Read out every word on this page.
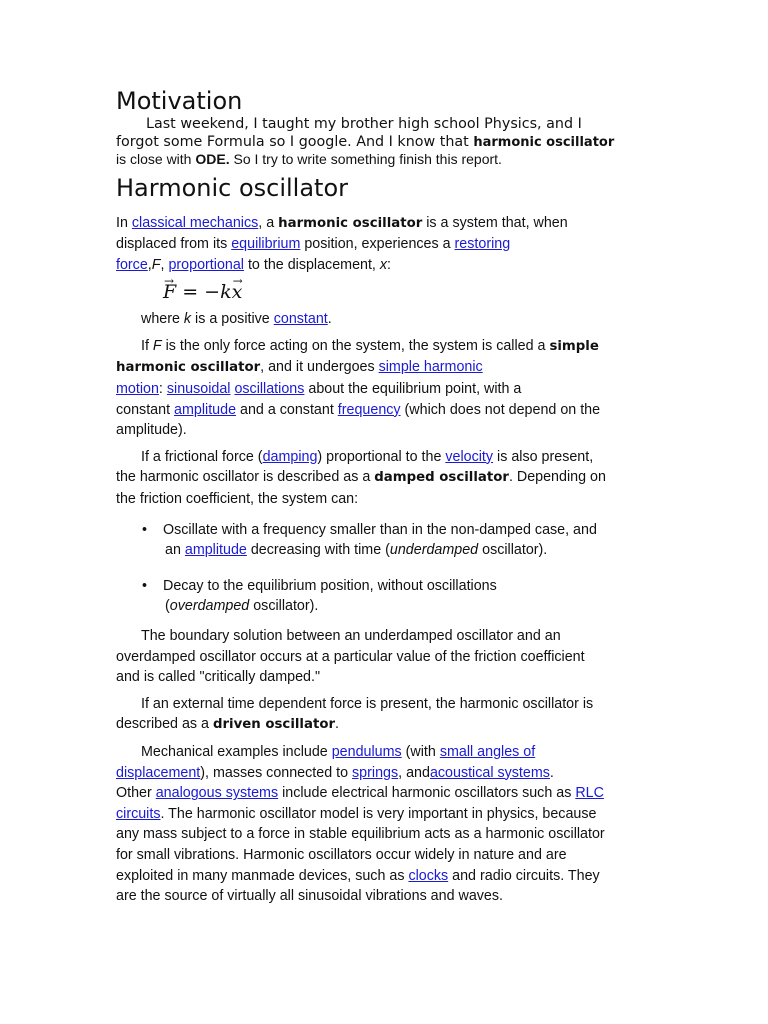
Motivation
Last weekend, I taught my brother high school Physics, and I
forgot some Formula so I google. And I know that harmonic oscillator
is close with ODE. So I try to write something finish this report.
Harmonic oscillator

In classical mechanics, a harmonic oscillator is a system that, when
displaced from its equilibrium position, experiences a restoring
force,F, proportional to the displacement, x:

→ F = −k→ x

where k is a positive constant.

If F is the only force acting on the system, the system is called a simple
harmonic oscillator, and it undergoes simple harmonic
motion: sinusoidal oscillations about the equilibrium point, with a
constant amplitude and a constant frequency (which does not depend on the
amplitude).

If a frictional force (damping) proportional to the velocity is also present,
the harmonic oscillator is described as a damped oscillator. Depending on
the friction coefficient, the system can:

• Oscillate with a frequency smaller than in the non-damped case, and
an amplitude decreasing with time (underdamped oscillator).
• Decay to the equilibrium position, without oscillations
(overdamped oscillator).

The boundary solution between an underdamped oscillator and an
overdamped oscillator occurs at a particular value of the friction coefficient
and is called "critically damped."

If an external time dependent force is present, the harmonic oscillator is
described as a driven oscillator.

Mechanical examples include pendulums (with small angles of
displacement), masses connected to springs, andacoustical systems.
Other analogous systems include electrical harmonic oscillators such as RLC
circuits. The harmonic oscillator model is very important in physics, because
any mass subject to a force in stable equilibrium acts as a harmonic oscillator
for small vibrations. Harmonic oscillators occur widely in nature and are
exploited in many manmade devices, such as clocks and radio circuits. They
are the source of virtually all sinusoidal vibrations and waves.
